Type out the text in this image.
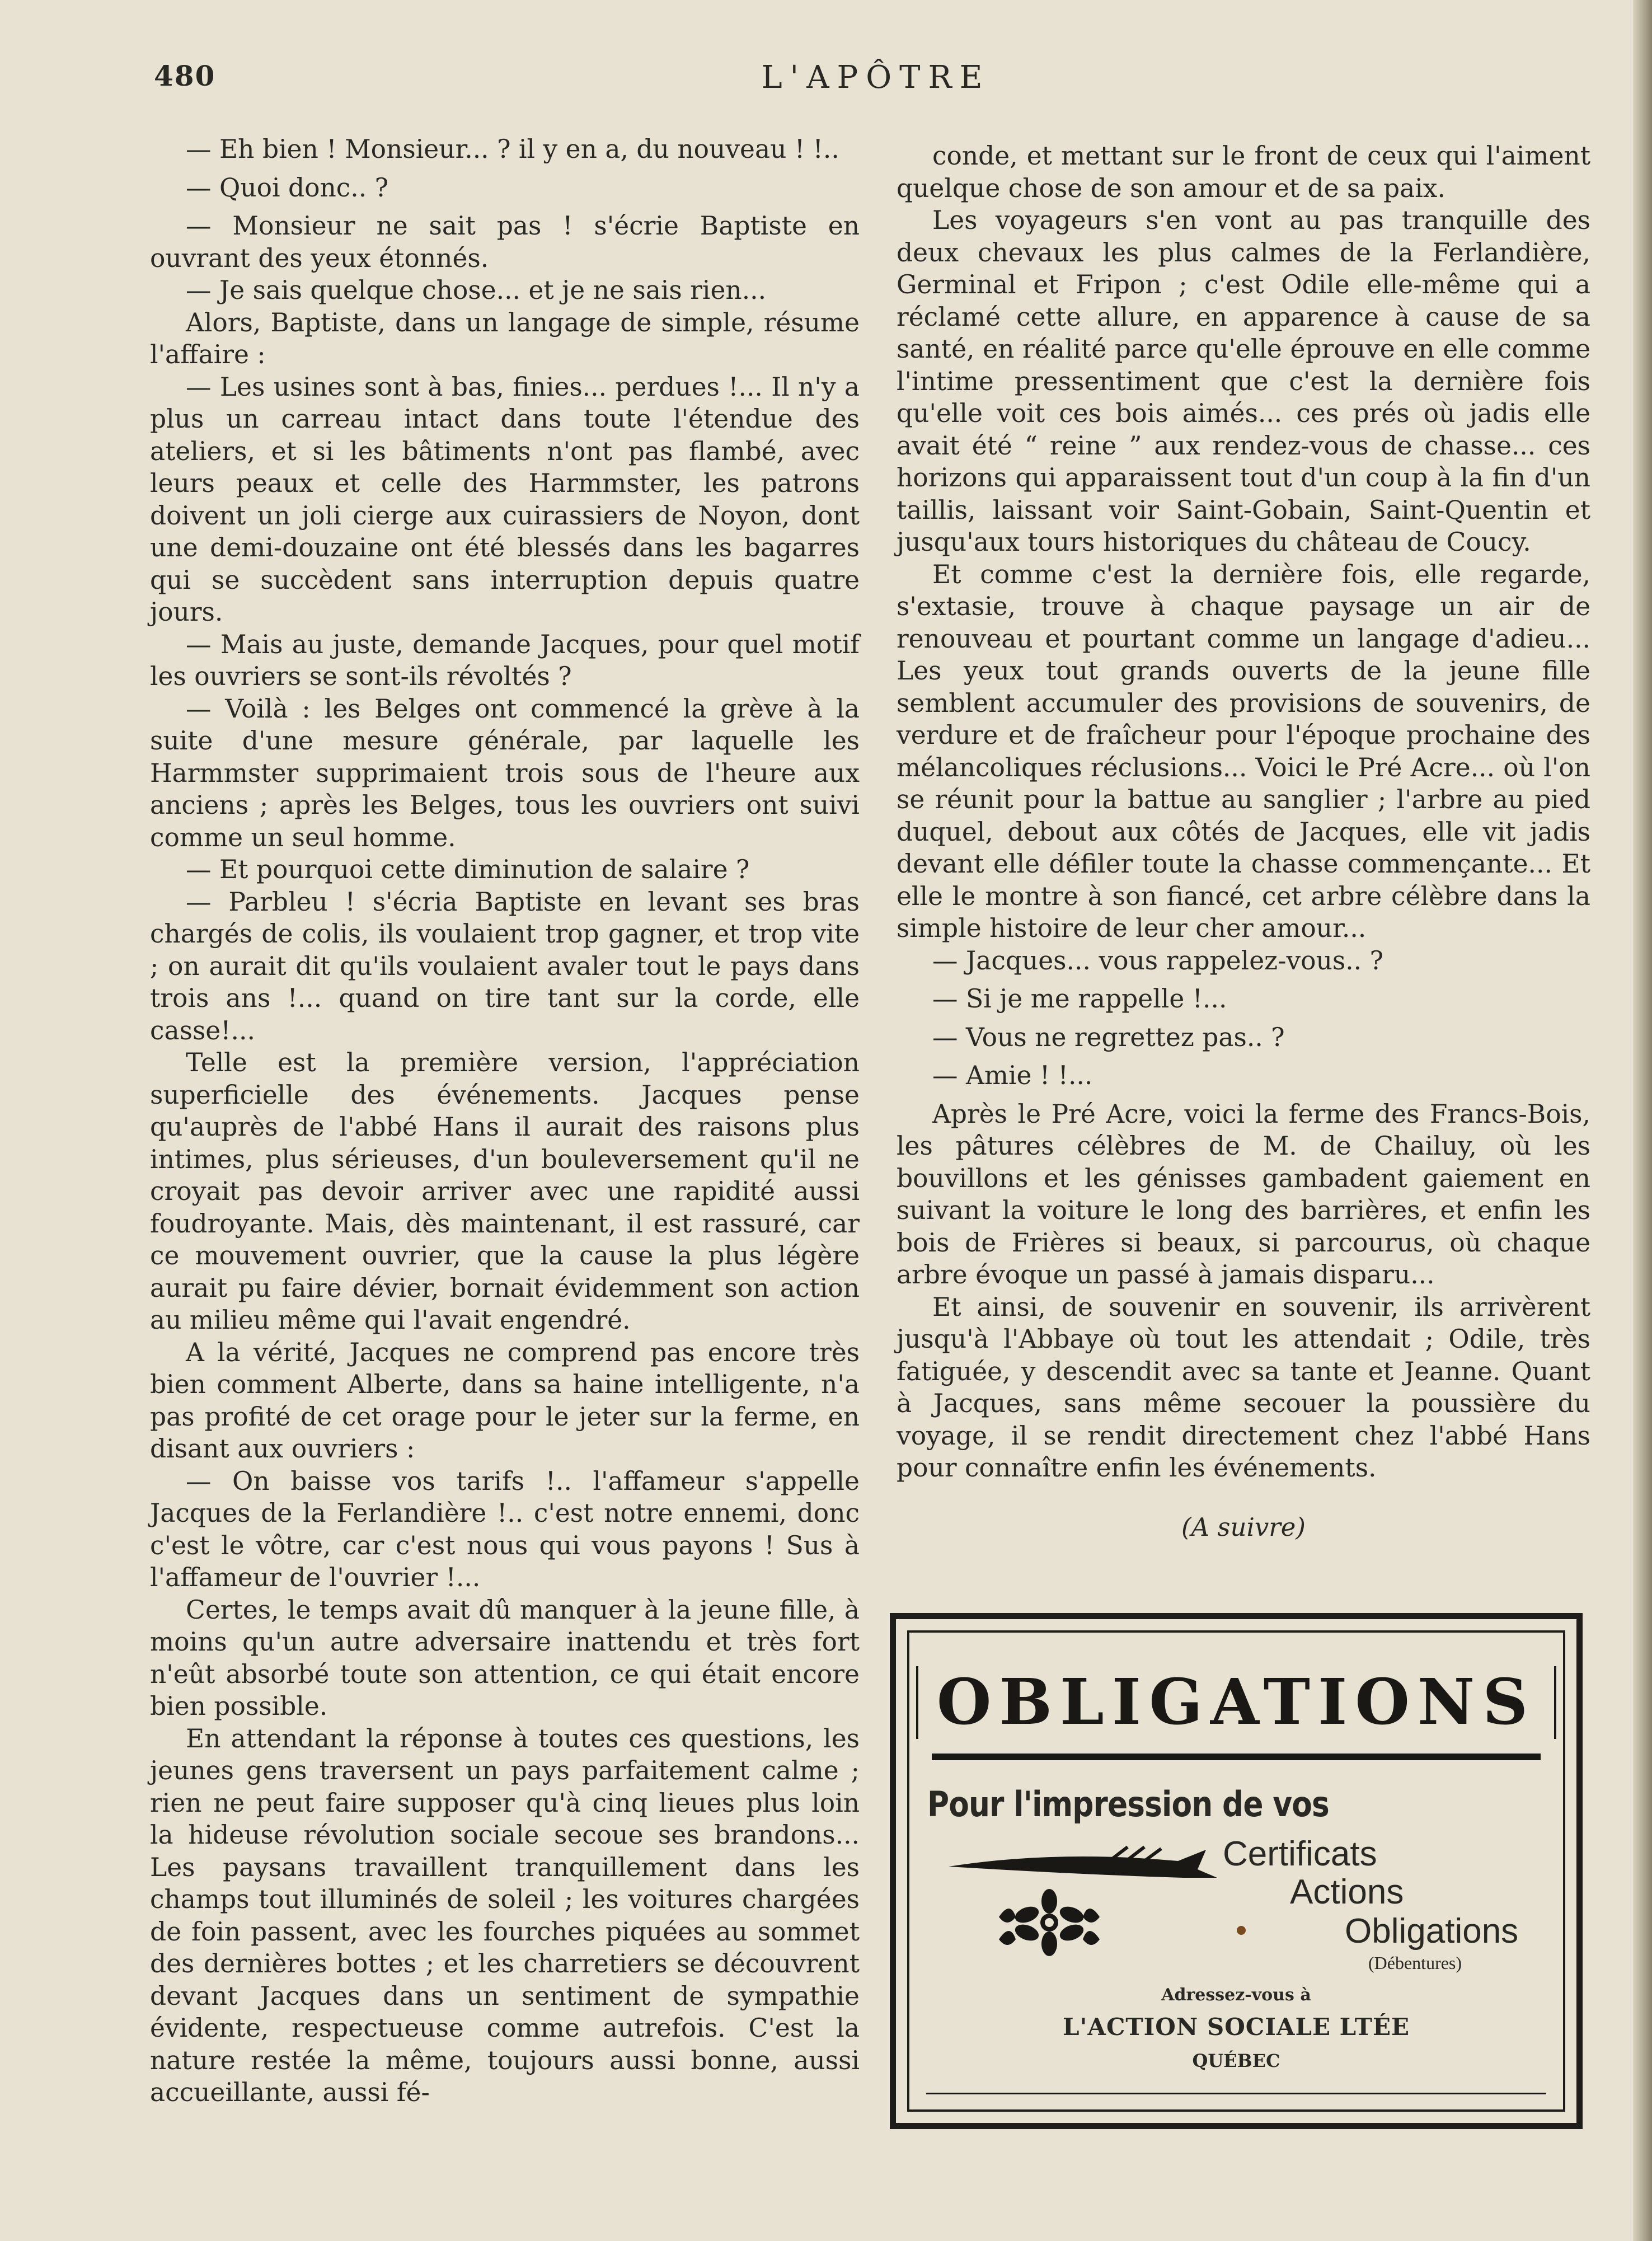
480	L'APÔTRE

— Eh bien ! Monsieur... ? il y en a, du nouveau ! !..

— Quoi donc.. ?

— Monsieur ne sait pas ! s'écrie Baptiste en ouvrant des yeux étonnés.

— Je sais quelque chose... et je ne sais rien...

Alors, Baptiste, dans un langage de simple, résume l'affaire :

— Les usines sont à bas, finies... perdues !... Il n'y a plus un carreau intact dans toute l'étendue des ateliers, et si les bâtiments n'ont pas flambé, avec leurs peaux et celle des Harmmster, les patrons doivent un joli cierge aux cuirassiers de Noyon, dont une demi-douzaine ont été blessés dans les bagarres qui se succèdent sans interruption depuis quatre jours.

— Mais au juste, demande Jacques, pour quel motif les ouvriers se sont-ils révoltés ?

— Voilà : les Belges ont commencé la grève à la suite d'une mesure générale, par laquelle les Harmmster supprimaient trois sous de l'heure aux anciens ; après les Belges, tous les ouvriers ont suivi comme un seul homme.

— Et pourquoi cette diminution de salaire ?

— Parbleu ! s'écria Baptiste en levant ses bras chargés de colis, ils voulaient trop gagner, et trop vite ; on aurait dit qu'ils voulaient avaler tout le pays dans trois ans !... quand on tire tant sur la corde, elle casse!...

Telle est la première version, l'appréciation superficielle des événements. Jacques pense qu'auprès de l'abbé Hans il aurait des raisons plus intimes, plus sérieuses, d'un bouleversement qu'il ne croyait pas devoir arriver avec une rapidité aussi foudroyante. Mais, dès maintenant, il est rassuré, car ce mouvement ouvrier, que la cause la plus légère aurait pu faire dévier, bornait évidemment son action au milieu même qui l'avait engendré.

A la vérité, Jacques ne comprend pas encore très bien comment Alberte, dans sa haine intelligente, n'a pas profité de cet orage pour le jeter sur la ferme, en disant aux ouvriers :

— On baisse vos tarifs !.. l'affameur s'appelle Jacques de la Ferlandière !.. c'est notre ennemi, donc c'est le vôtre, car c'est nous qui vous payons ! Sus à l'affameur de l'ouvrier !...

Certes, le temps avait dû manquer à la jeune fille, à moins qu'un autre adversaire inattendu et très fort n'eût absorbé toute son attention, ce qui était encore bien possible.

En attendant la réponse à toutes ces questions, les jeunes gens traversent un pays parfaitement calme ; rien ne peut faire supposer qu'à cinq lieues plus loin la hideuse révolution sociale secoue ses brandons... Les paysans travaillent tranquillement dans les champs tout illuminés de soleil ; les voitures chargées de foin passent, avec les fourches piquées au sommet des dernières bottes ; et les charretiers se découvrent devant Jacques dans un sentiment de sympathie évidente, respectueuse comme autrefois. C'est la nature restée la même, toujours aussi bonne, aussi accueillante, aussi fé-

conde, et mettant sur le front de ceux qui l'aiment quelque chose de son amour et de sa paix.

Les voyageurs s'en vont au pas tranquille des deux chevaux les plus calmes de la Ferlandière, Germinal et Fripon ; c'est Odile elle-même qui a réclamé cette allure, en apparence à cause de sa santé, en réalité parce qu'elle éprouve en elle comme l'intime pressentiment que c'est la dernière fois qu'elle voit ces bois aimés... ces prés où jadis elle avait été “ reine ” aux rendez-vous de chasse... ces horizons qui apparaissent tout d'un coup à la fin d'un taillis, laissant voir Saint-Gobain, Saint-Quentin et jusqu'aux tours historiques du château de Coucy.

Et comme c'est la dernière fois, elle regarde, s'extasie, trouve à chaque paysage un air de renouveau et pourtant comme un langage d'adieu... Les yeux tout grands ouverts de la jeune fille semblent accumuler des provisions de souvenirs, de verdure et de fraîcheur pour l'époque prochaine des mélancoliques réclusions... Voici le Pré Acre... où l'on se réunit pour la battue au sanglier ; l'arbre au pied duquel, debout aux côtés de Jacques, elle vit jadis devant elle défiler toute la chasse commençante... Et elle le montre à son fiancé, cet arbre célèbre dans la simple histoire de leur cher amour...

— Jacques... vous rappelez-vous.. ?

— Si je me rappelle !...

— Vous ne regrettez pas.. ?

— Amie ! !...

Après le Pré Acre, voici la ferme des Francs-Bois, les pâtures célèbres de M. de Chailuy, où les bouvillons et les génisses gambadent gaiement en suivant la voiture le long des barrières, et enfin les bois de Frières si beaux, si parcourus, où chaque arbre évoque un passé à jamais disparu...

Et ainsi, de souvenir en souvenir, ils arrivèrent jusqu'à l'Abbaye où tout les attendait ; Odile, très fatiguée, y descendit avec sa tante et Jeanne. Quant à Jacques, sans même secouer la poussière du voyage, il se rendit directement chez l'abbé Hans pour connaître enfin les événements.

(A suivre)
OBLIGATIONS
Pour l'impression de vos
Certificats
Actions
Obligations
(Débentures)
Adressez-vous à
L'ACTION SOCIALE LTÉE
QUÉBEC
